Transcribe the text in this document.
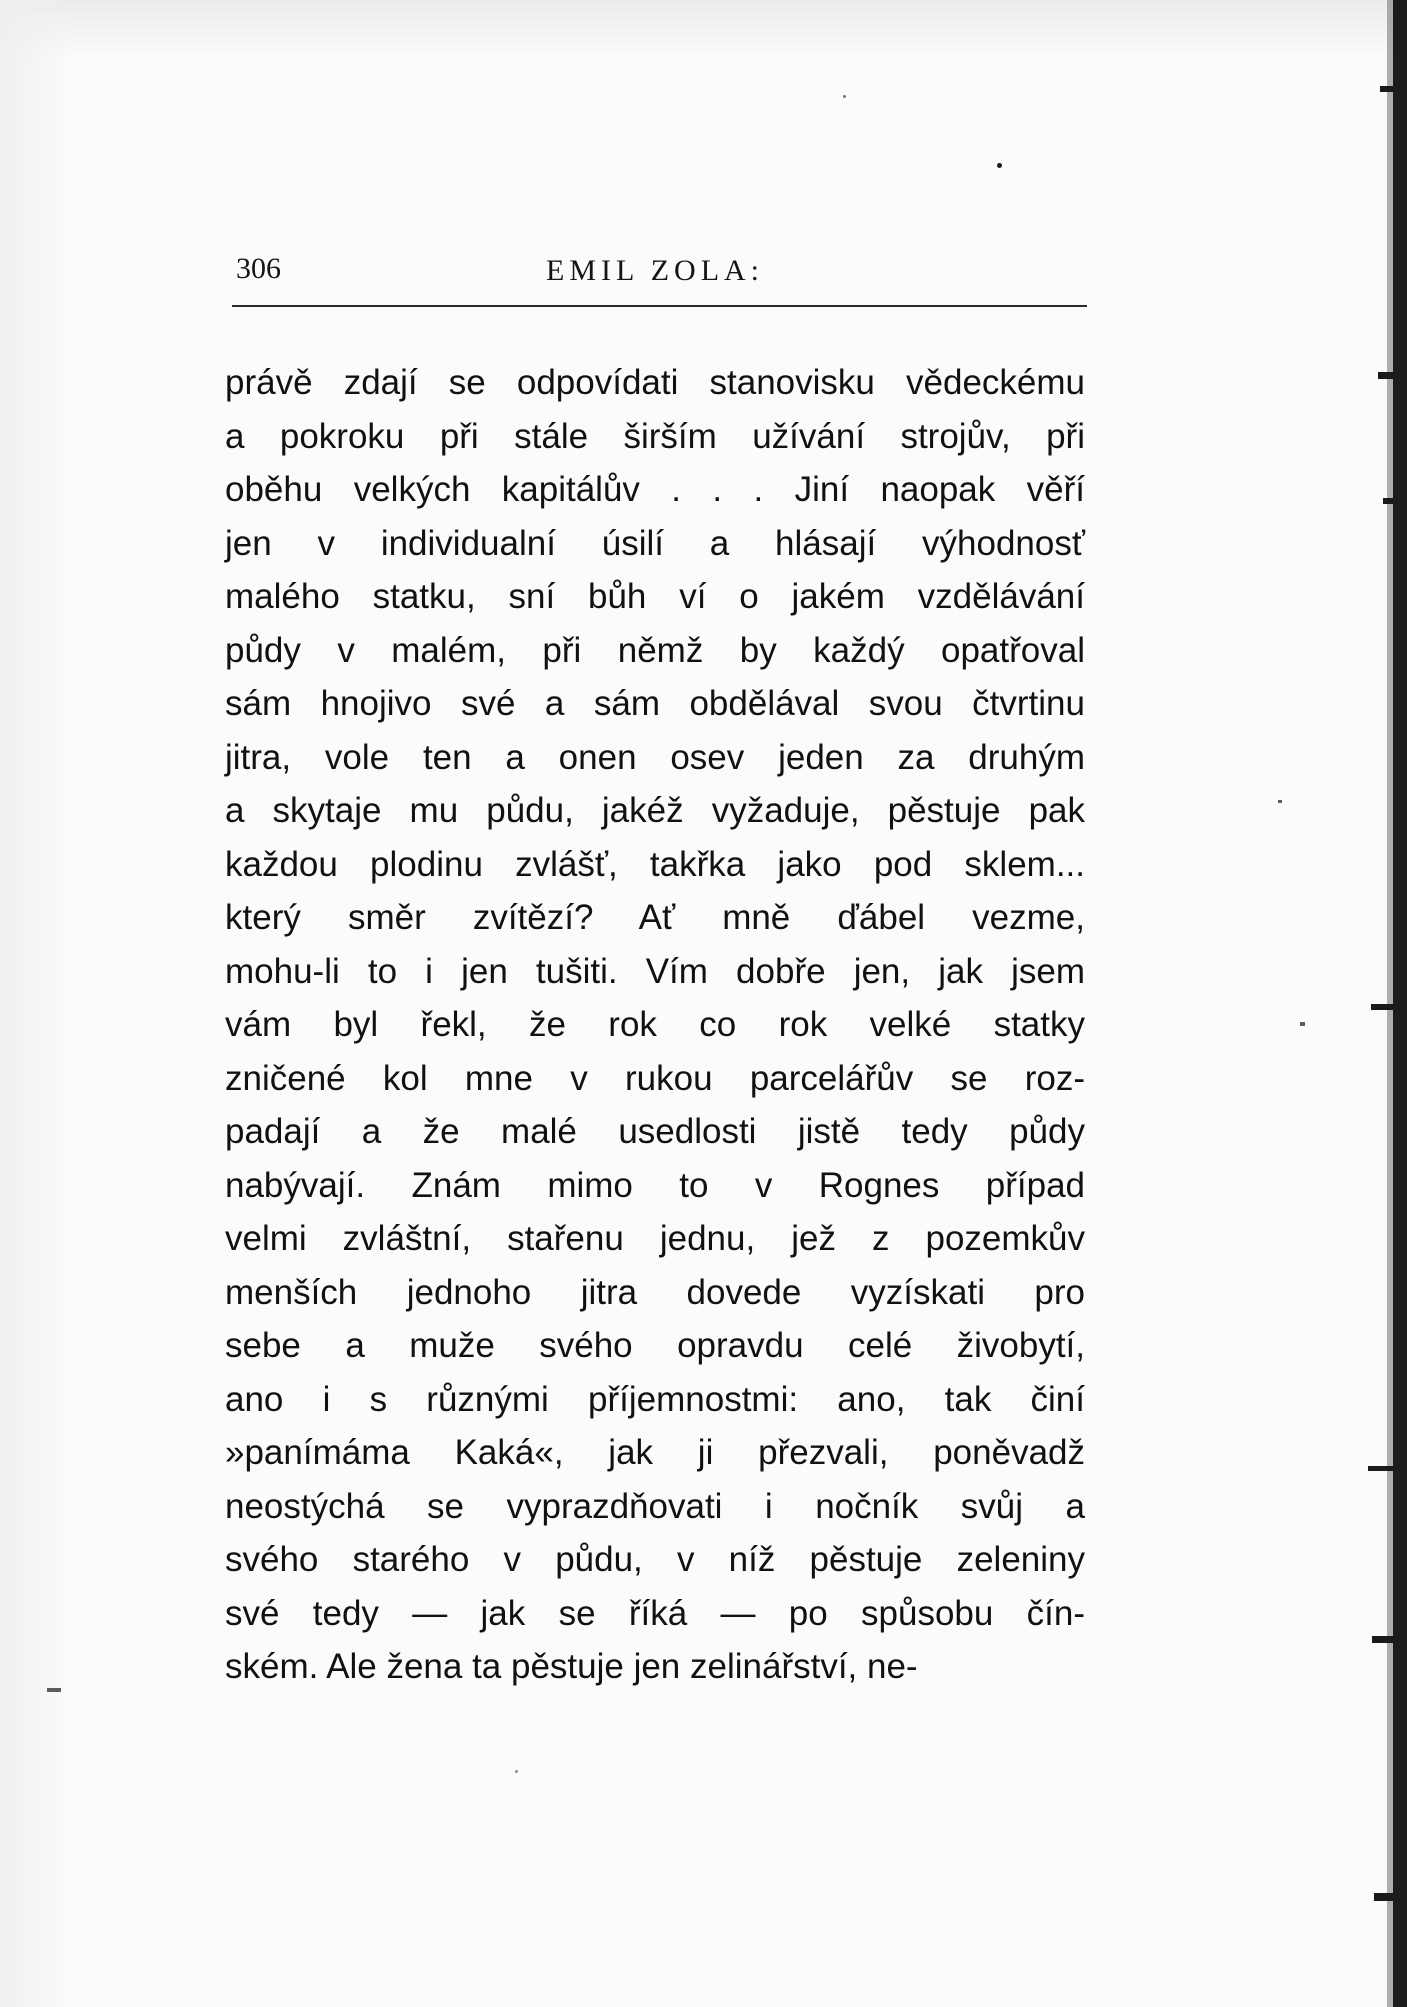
306	EMIL ZOLA:
právě zdají se odpovídati stanovisku vědeckému
a pokroku při stále širším užívání strojův, při
oběhu velkých kapitálův . . . Jiní naopak věří
jen v individualní úsilí a hlásají výhodnosť
malého statku, sní bůh ví o jakém vzdělávání
půdy v malém, při němž by každý opatřoval
sám hnojivo své a sám obdělával svou čtvrtinu
jitra, vole ten a onen osev jeden za druhým
a skytaje mu půdu, jakéž vyžaduje, pěstuje pak
každou plodinu zvlášť, takřka jako pod sklem...
který směr zvítězí? Ať mně ďábel vezme,
mohu-li to i jen tušiti. Vím dobře jen, jak jsem
vám byl řekl, že rok co rok velké statky
zničené kol mne v rukou parcelářův se roz-
padají a že malé usedlosti jistě tedy půdy
nabývají. Znám mimo to v Rognes případ
velmi zvláštní, stařenu jednu, jež z pozemkův
menších jednoho jitra dovede vyzískati pro
sebe a muže svého opravdu celé živobytí,
ano i s různými příjemnostmi: ano, tak činí
»panímáma Kaká«, jak ji přezvali, poněvadž
neostýchá se vyprazdňovati i nočník svůj a
svého starého v půdu, v níž pěstuje zeleniny
své tedy — jak se říká — po spůsobu čín-
ském. Ale žena ta pěstuje jen zelinářství, ne-
